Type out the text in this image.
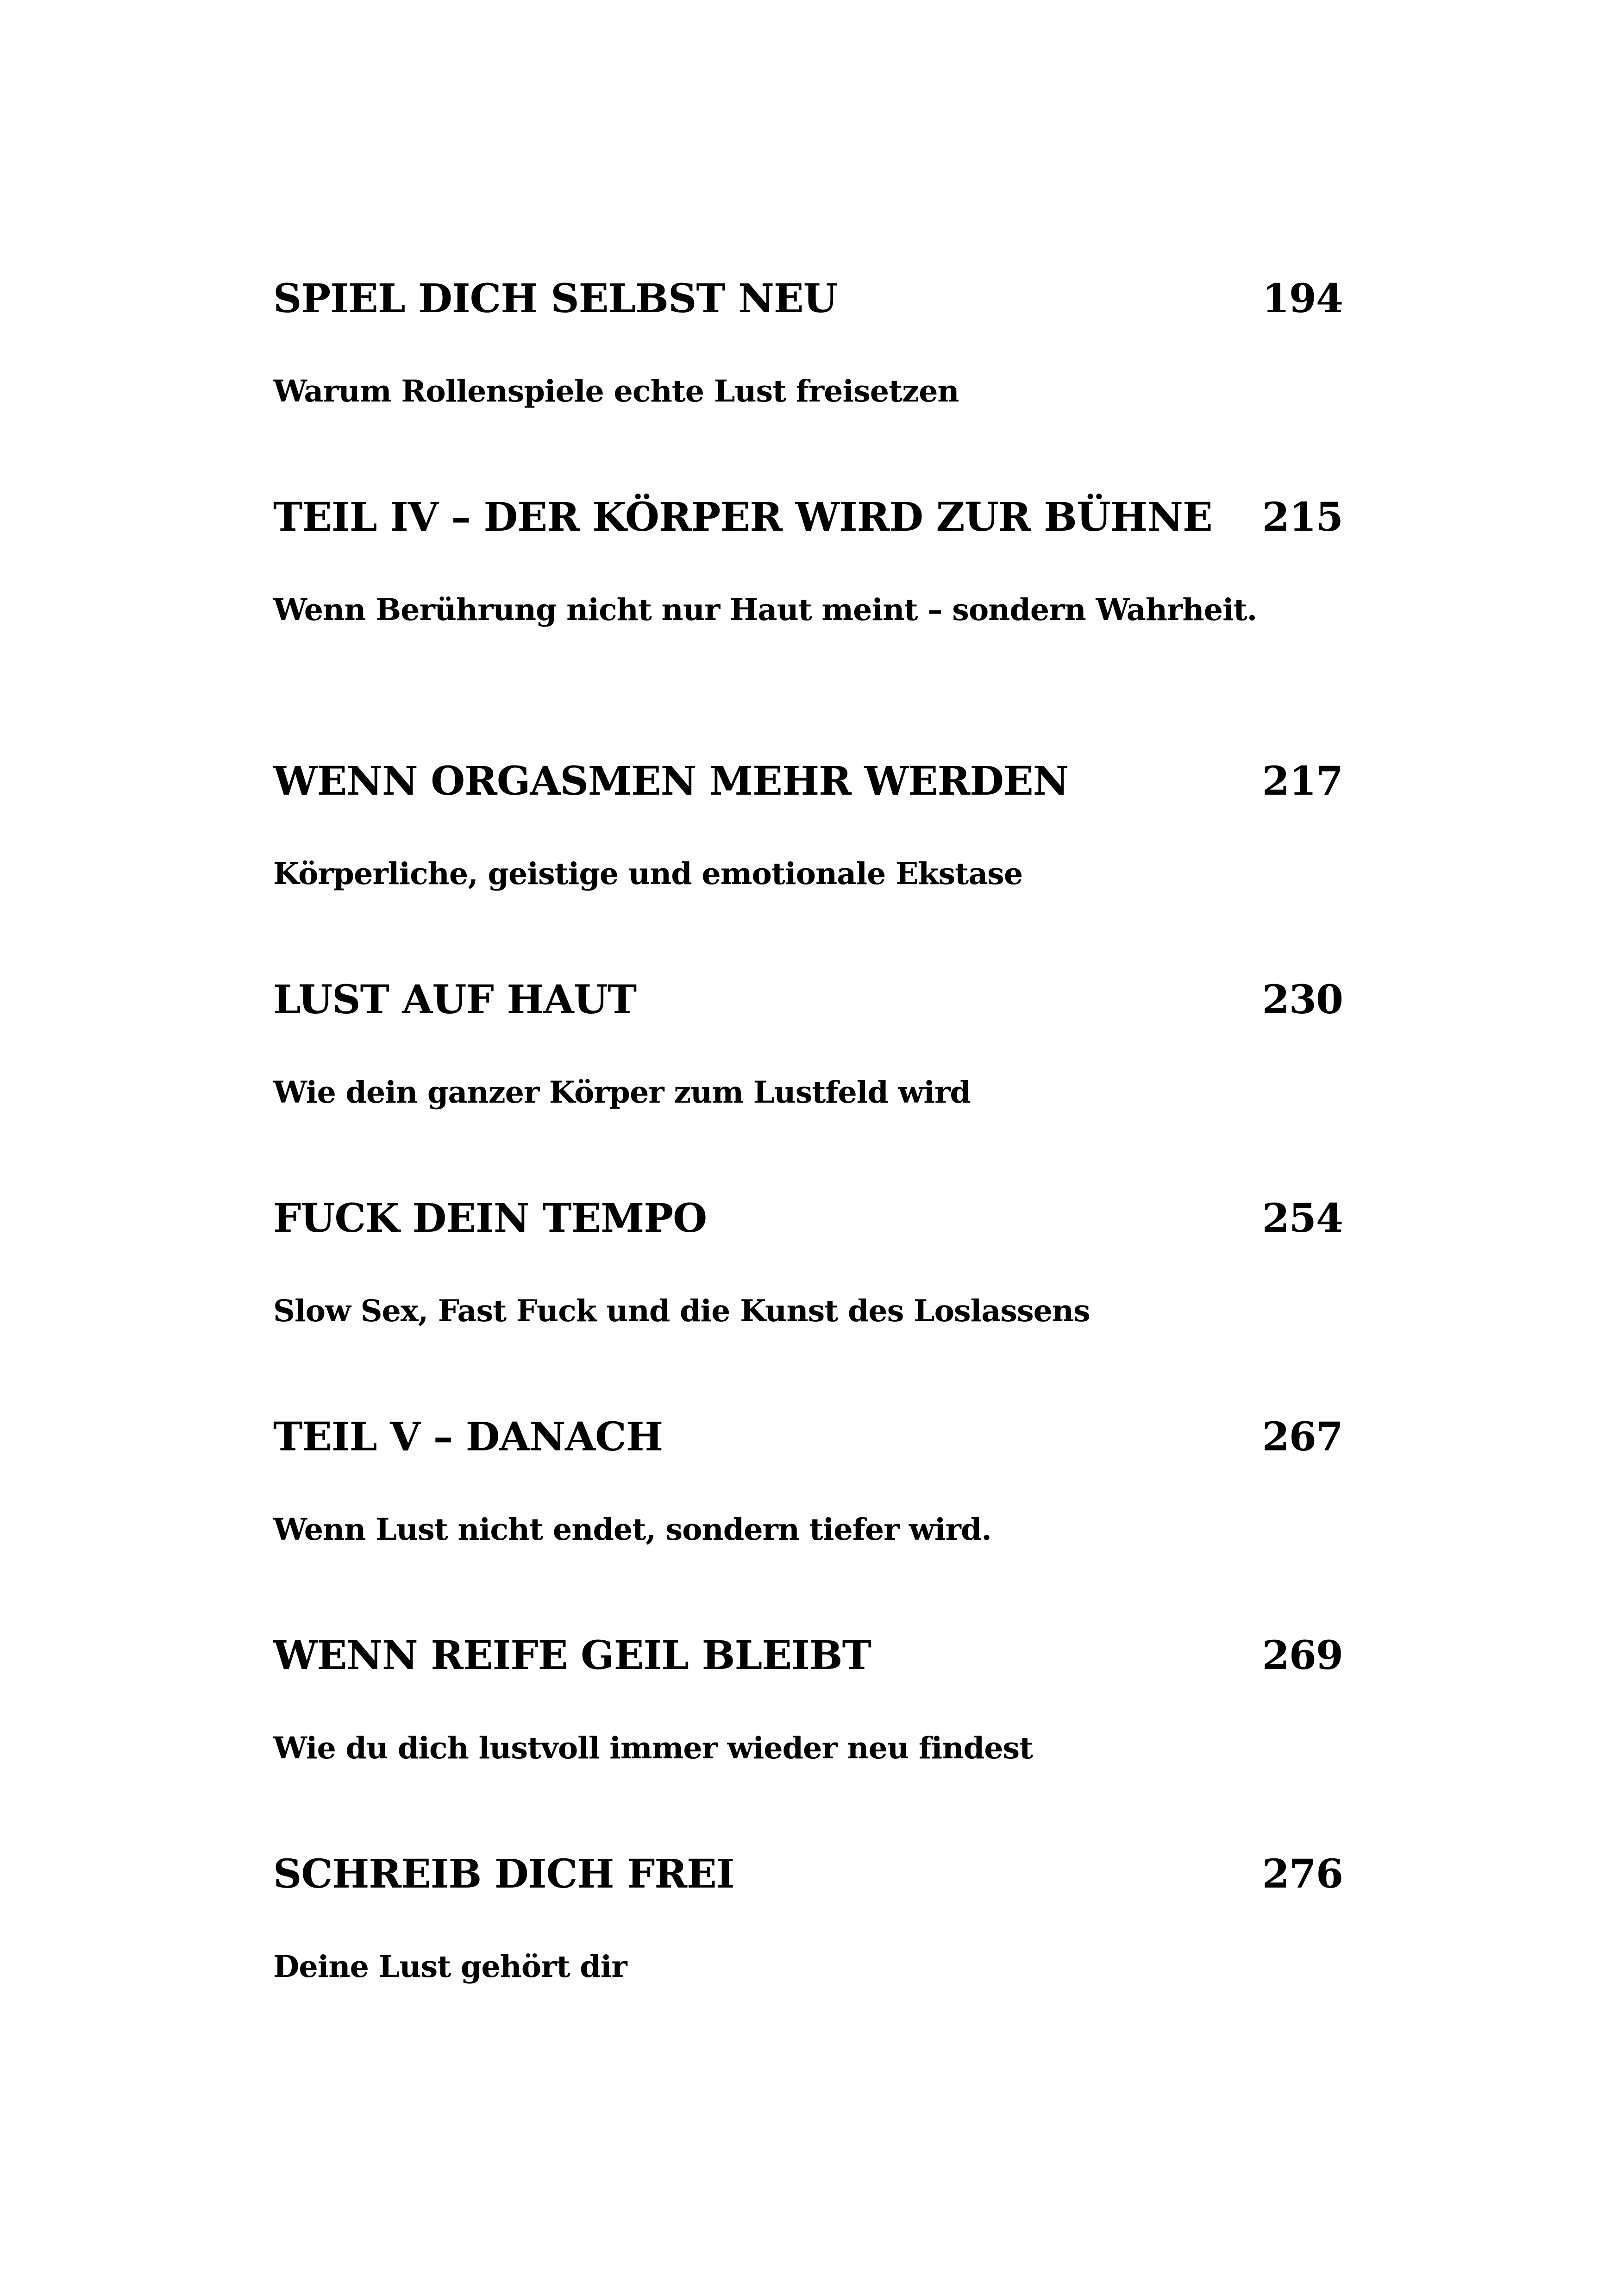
SPIEL DICH SELBST NEU	194
Warum Rollenspiele echte Lust freisetzen
TEIL IV – DER KÖRPER WIRD ZUR BÜHNE 215
Wenn Berührung nicht nur Haut meint – sondern Wahrheit.
WENN ORGASMEN MEHR WERDEN	217
Körperliche, geistige und emotionale Ekstase
LUST AUF HAUT	230
Wie dein ganzer Körper zum Lustfeld wird
FUCK DEIN TEMPO	254
Slow Sex, Fast Fuck und die Kunst des Loslassens
TEIL V – DANACH	267
Wenn Lust nicht endet, sondern tiefer wird.
WENN REIFE GEIL BLEIBT	269
Wie du dich lustvoll immer wieder neu findest
SCHREIB DICH FREI	276
Deine Lust gehört dir
